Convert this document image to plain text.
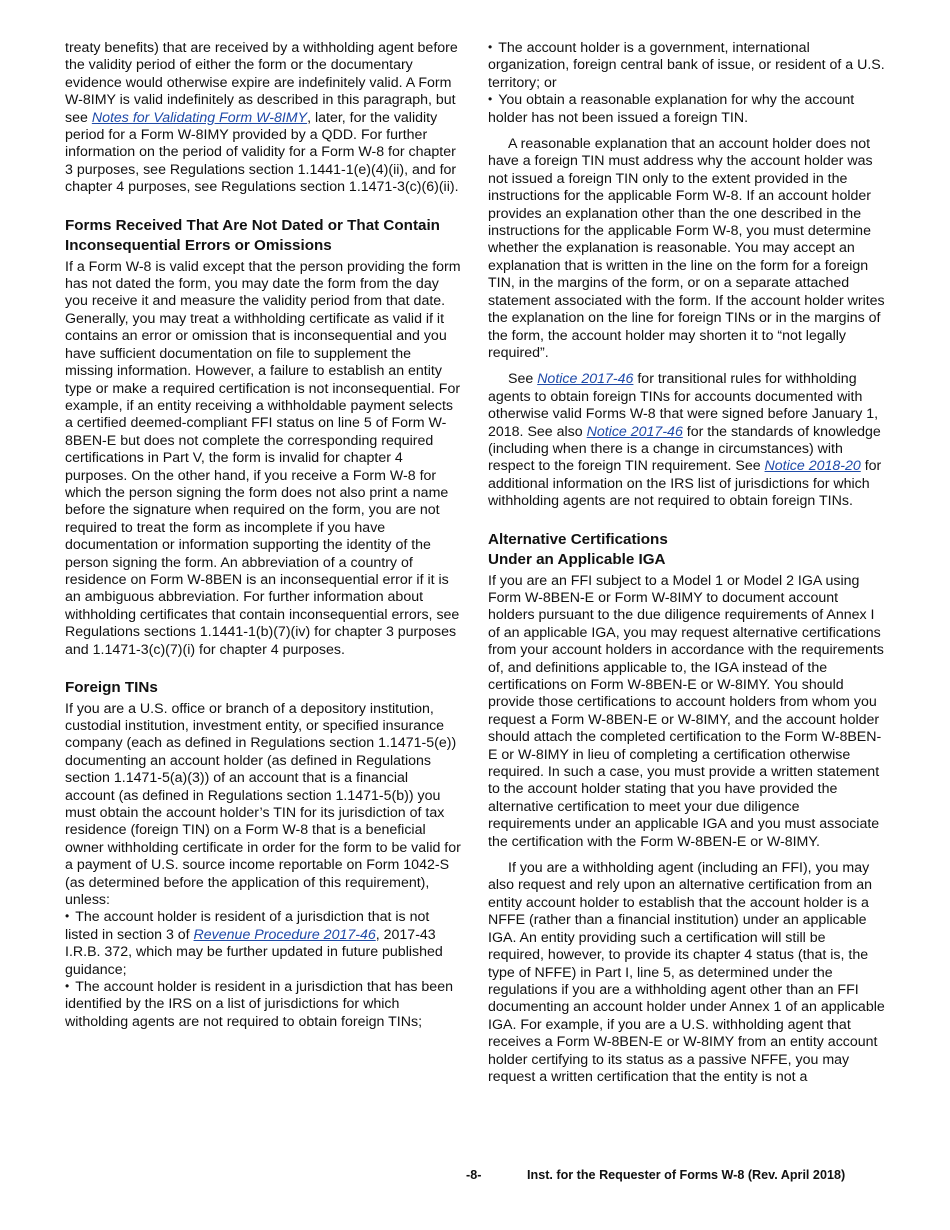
treaty benefits) that are received by a withholding agent before the validity period of either the form or the documentary evidence would otherwise expire are indefinitely valid. A Form W-8IMY is valid indefinitely as described in this paragraph, but see Notes for Validating Form W-8IMY, later, for the validity period for a Form W-8IMY provided by a QDD. For further information on the period of validity for a Form W-8 for chapter 3 purposes, see Regulations section 1.1441-1(e)(4)(ii), and for chapter 4 purposes, see Regulations section 1.1471-3(c)(6)(ii).

Forms Received That Are Not Dated or That Contain Inconsequential Errors or Omissions

If a Form W-8 is valid except that the person providing the form has not dated the form, you may date the form from the day you receive it and measure the validity period from that date. Generally, you may treat a withholding certificate as valid if it contains an error or omission that is inconsequential and you have sufficient documentation on file to supplement the missing information. However, a failure to establish an entity type or make a required certification is not inconsequential. For example, if an entity receiving a withholdable payment selects a certified deemed-compliant FFI status on line 5 of Form W-8BEN-E but does not complete the corresponding required certifications in Part V, the form is invalid for chapter 4 purposes. On the other hand, if you receive a Form W-8 for which the person signing the form does not also print a name before the signature when required on the form, you are not required to treat the form as incomplete if you have documentation or information supporting the identity of the person signing the form. An abbreviation of a country of residence on Form W-8BEN is an inconsequential error if it is an ambiguous abbreviation. For further information about withholding certificates that contain inconsequential errors, see Regulations sections 1.1441-1(b)(7)(iv) for chapter 3 purposes and 1.1471-3(c)(7)(i) for chapter 4 purposes.

Foreign TINs

If you are a U.S. office or branch of a depository institution, custodial institution, investment entity, or specified insurance company (each as defined in Regulations section 1.1471-5(e)) documenting an account holder (as defined in Regulations section 1.1471-5(a)(3)) of an account that is a financial account (as defined in Regulations section 1.1471-5(b)) you must obtain the account holder’s TIN for its jurisdiction of tax residence (foreign TIN) on a Form W-8 that is a beneficial owner withholding certificate in order for the form to be valid for a payment of U.S. source income reportable on Form 1042-S (as determined before the application of this requirement), unless:

• The account holder is resident of a jurisdiction that is not listed in section 3 of Revenue Procedure 2017-46, 2017-43 I.R.B. 372, which may be further updated in future published guidance;
• The account holder is resident in a jurisdiction that has been identified by the IRS on a list of jurisdictions for which witholding agents are not required to obtain foreign TINs;
• The account holder is a government, international organization, foreign central bank of issue, or resident of a U.S. territory; or
• You obtain a reasonable explanation for why the account holder has not been issued a foreign TIN.

A reasonable explanation that an account holder does not have a foreign TIN must address why the account holder was not issued a foreign TIN only to the extent provided in the instructions for the applicable Form W-8. If an account holder provides an explanation other than the one described in the instructions for the applicable Form W-8, you must determine whether the explanation is reasonable. You may accept an explanation that is written in the line on the form for a foreign TIN, in the margins of the form, or on a separate attached statement associated with the form. If the account holder writes the explanation on the line for foreign TINs or in the margins of the form, the account holder may shorten it to “not legally required”.

See Notice 2017-46 for transitional rules for withholding agents to obtain foreign TINs for accounts documented with otherwise valid Forms W-8 that were signed before January 1, 2018. See also Notice 2017-46 for the standards of knowledge (including when there is a change in circumstances) with respect to the foreign TIN requirement. See Notice 2018-20 for additional information on the IRS list of jurisdictions for which withholding agents are not required to obtain foreign TINs.

Alternative Certifications
Under an Applicable IGA

If you are an FFI subject to a Model 1 or Model 2 IGA using Form W-8BEN-E or Form W-8IMY to document account holders pursuant to the due diligence requirements of Annex I of an applicable IGA, you may request alternative certifications from your account holders in accordance with the requirements of, and definitions applicable to, the IGA instead of the certifications on Form W-8BEN-E or W-8IMY. You should provide those certifications to account holders from whom you request a Form W-8BEN-E or W-8IMY, and the account holder should attach the completed certification to the Form W-8BEN-E or W-8IMY in lieu of completing a certification otherwise required. In such a case, you must provide a written statement to the account holder stating that you have provided the alternative certification to meet your due diligence requirements under an applicable IGA and you must associate the certification with the Form W-8BEN-E or W-8IMY.

If you are a withholding agent (including an FFI), you may also request and rely upon an alternative certification from an entity account holder to establish that the account holder is a NFFE (rather than a financial institution) under an applicable IGA. An entity providing such a certification will still be required, however, to provide its chapter 4 status (that is, the type of NFFE) in Part I, line 5, as determined under the regulations if you are a withholding agent other than an FFI documenting an account holder under Annex 1 of an applicable IGA. For example, if you are a U.S. withholding agent that receives a Form W-8BEN-E or W-8IMY from an entity account holder certifying to its status as a passive NFFE, you may request a written certification that the entity is not a

-8-	Inst. for the Requester of Forms W-8 (Rev. April 2018)
